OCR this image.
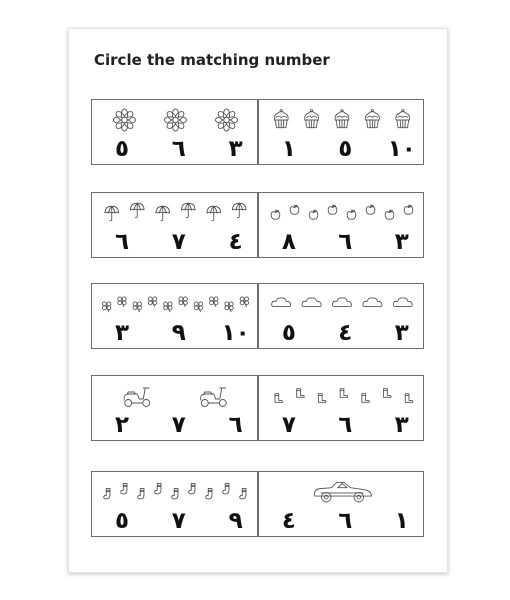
Circle the matching number
٥	٦	٣	١	٥	١٠
٦	٧	٤	٨	٦	٣
٣	٩	١٠	٥	٤	٣
٢	٧	٦	٧	٦	٣
٥	٧	٩	٤	٦	١
